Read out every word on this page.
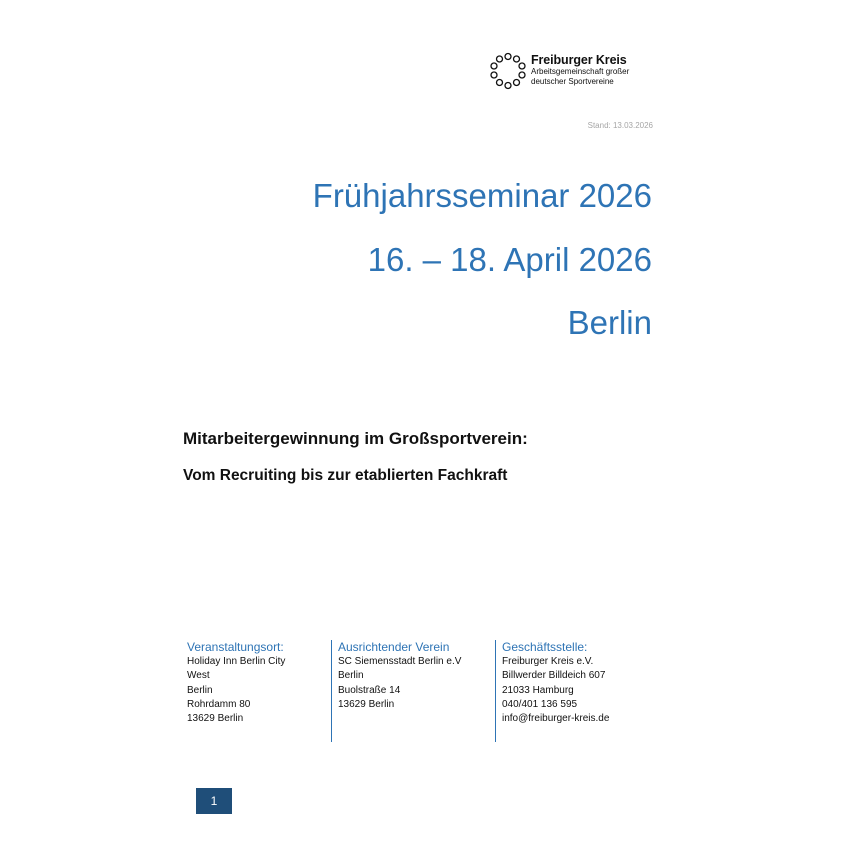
Freiburger Kreis
Arbeitsgemeinschaft großer
deutscher Sportvereine
Stand: 13.03.2026
Frühjahrsseminar 2026
16. – 18. April 2026
Berlin
Mitarbeitergewinnung im Großsportverein:
Vom Recruiting bis zur etablierten Fachkraft
Veranstaltungsort:
Holiday Inn Berlin City
West
Berlin
Rohrdamm 80
13629 Berlin
Ausrichtender Verein
SC Siemensstadt Berlin e.V
Berlin
Buolstraße 14
13629 Berlin
Geschäftsstelle:
Freiburger Kreis e.V.
Billwerder Billdeich 607
21033 Hamburg
040/401 136 595
info@freiburger-kreis.de
1
